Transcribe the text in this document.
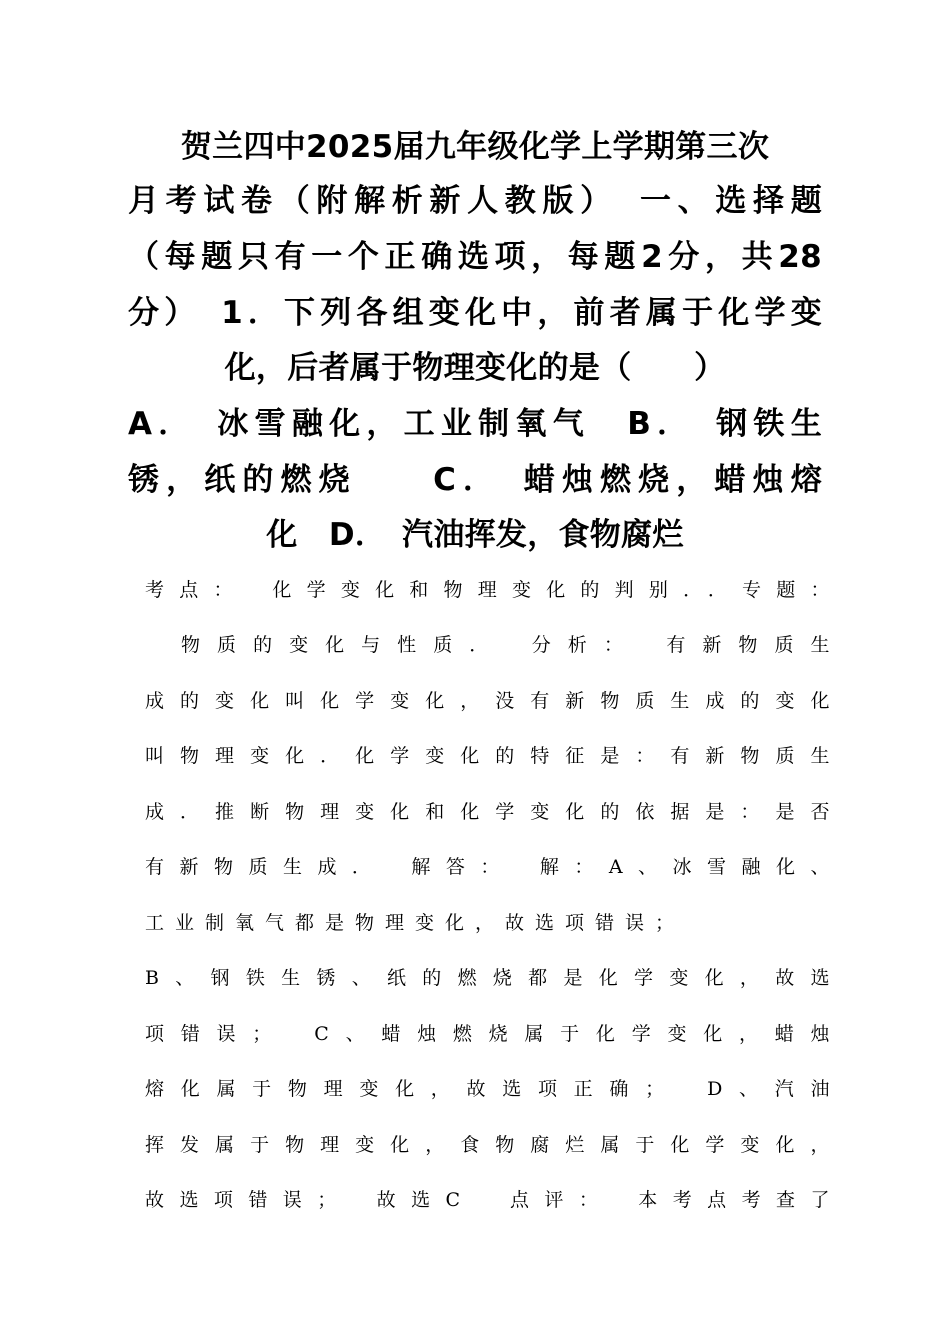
贺兰四中2025届九年级化学上学期第三次
月考试卷（附解析新人教版）　一、选择题
（每题只有一个正确选项，每题2分，共28
分）　1．下列各组变化中，前者属于化学变
化，后者属于物理变化的是（　　）
A．　冰雪融化，工业制氧气　B．　钢铁生
锈，纸的燃烧　　C．　蜡烛燃烧，蜡烛熔
化　D．　汽油挥发，食物腐烂
考点：　化学变化和物理变化的判别．．专题：
　物质的变化与性质．　分析：　有新物质生
成的变化叫化学变化，没有新物质生成的变化
叫物理变化．化学变化的特征是：有新物质生
成．推断物理变化和化学变化的依据是：是否
有新物质生成．　解答：　解：A、冰雪融化、
工业制氧气都是物理变化，故选项错误；
B、钢铁生锈、纸的燃烧都是化学变化，故选
项错误；　C、蜡烛燃烧属于化学变化，蜡烛
熔化属于物理变化，故选项正确；　D、汽油
挥发属于物理变化，食物腐烂属于化学变化，
故选项错误；　故选C　点评：　本考点考查了
